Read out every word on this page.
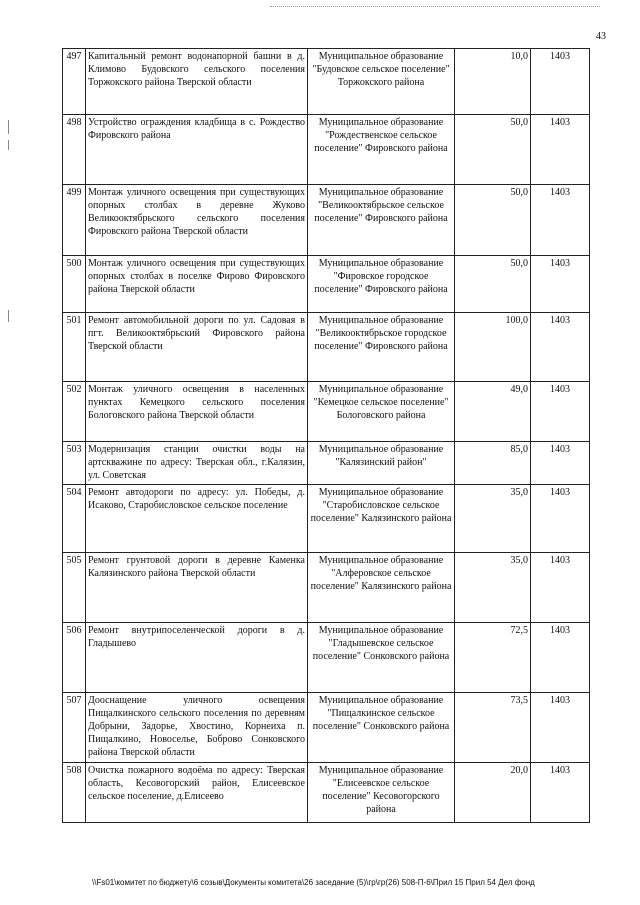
43
497	Капитальный ремонт водонапорной башни в д. Климово Будовского сельского поселения Торжокского района Тверской области	Муниципальное образование "Будовское сельское поселение" Торжокского района	10,0	1403
498	Устройство ограждения кладбища в с. Рождество Фировского района	Муниципальное образование "Рождественское сельское поселение" Фировского района	50,0	1403
499	Монтаж уличного освещения при существующих опорных столбах в деревне Жуково Великооктябрьского сельского поселения Фировского района Тверской области	Муниципальное образование "Великооктябрьское сельское поселение" Фировского района	50,0	1403
500	Монтаж уличного освещения при существующих опорных столбах в поселке Фирово Фировского района Тверской области	Муниципальное образование "Фировское городское поселение" Фировского района	50,0	1403
501	Ремонт автомобильной дороги по ул. Садовая в пгт. Великооктябрьский Фировского района Тверской области	Муниципальное образование "Великооктябрьское городское поселение" Фировского района	100,0	1403
502	Монтаж уличного освещения в населенных пунктах Кемецкого сельского поселения Бологовского района Тверской области	Муниципальное образование "Кемецкое сельское поселение" Бологовского района	49,0	1403
503	Модернизация станции очистки воды на артскважине по адресу: Тверская обл., г.Калязин, ул. Советская	Муниципальное образование "Калязинский район"	85,0	1403
504	Ремонт автодороги по адресу: ул. Победы, д. Исаково, Старобисловское сельское поселение	Муниципальное образование "Старобисловское сельское поселение" Калязинского района	35,0	1403
505	Ремонт грунтовой дороги в деревне Каменка Калязинского района Тверской области	Муниципальное образование "Алферовское сельское поселение" Калязинского района	35,0	1403
506	Ремонт внутрипоселенческой дороги в д. Гладышево	Муниципальное образование "Гладышевское сельское поселение" Сонковского района	72,5	1403
507	Дооснащение уличного освещения Пищалкинского сельского поселения по деревням Добрыни, Задорье, Хвостино, Корнеиха п. Пищалкино, Новоселье, Боброво Сонковского района Тверской области	Муниципальное образование "Пищалкинское сельское поселение" Сонковского района	73,5	1403
508	Очистка пожарного водоёма по адресу: Тверская область, Кесовогорский район, Елисеевское сельское поселение, д.Елисеево	Муниципальное образование "Елисеевское сельское поселение" Кесовогорского района	20,0	1403
\\Fs01\комитет по бюджету\6 созыв\Документы комитета\26 заседание (5)\гр\гр(26) 508-П-6\Прил 15 Прил 54 Дел фонд
